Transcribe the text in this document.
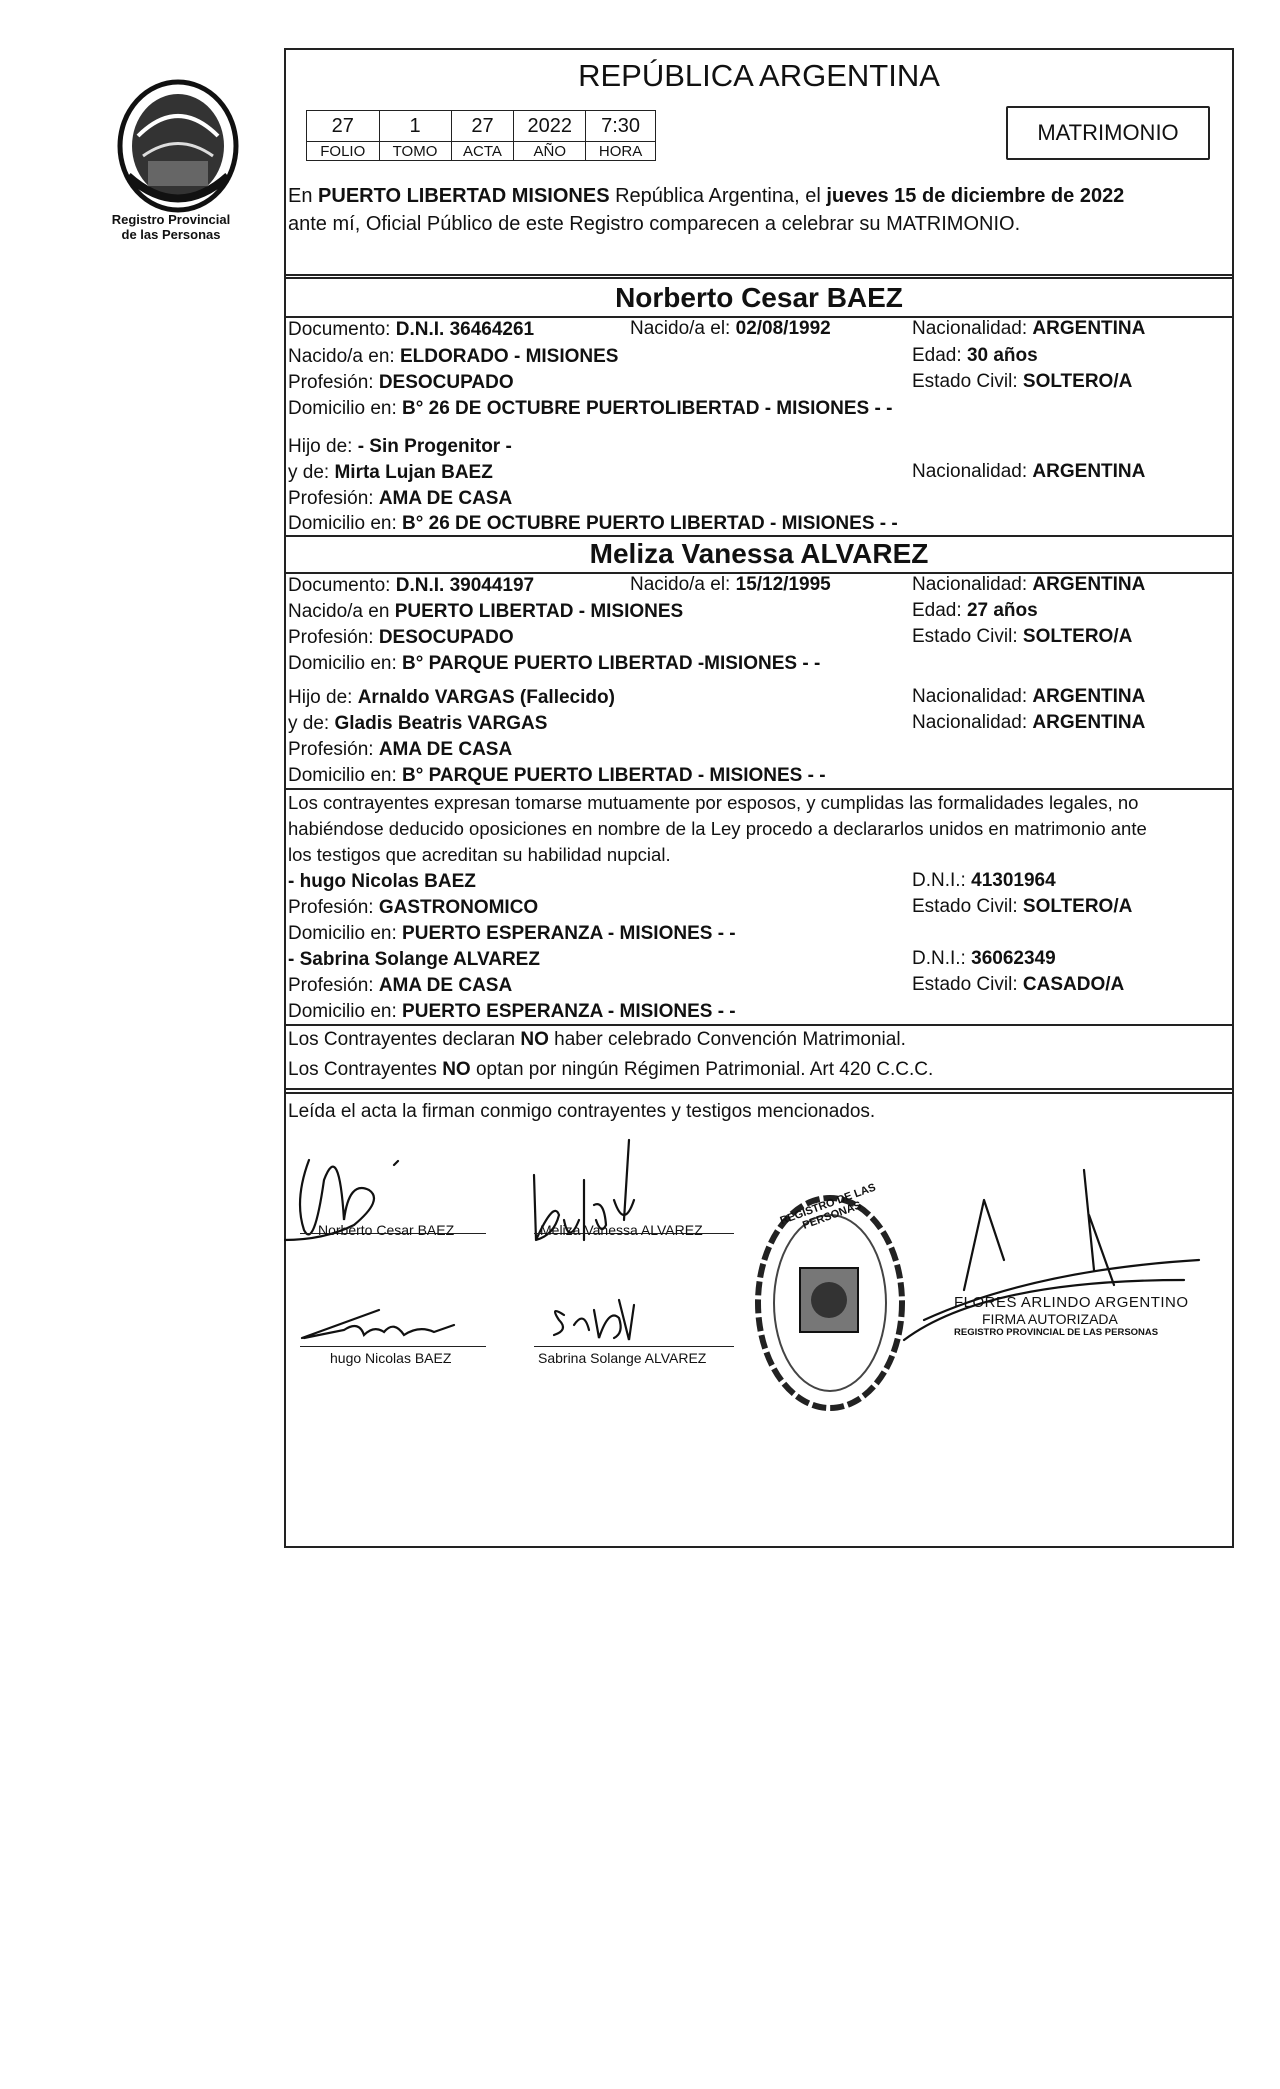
Registro Provincial
de las Personas
REPÚBLICA ARGENTINA
27	1	27	2022	7:30
FOLIO	TOMO	ACTA	AÑO	HORA
MATRIMONIO
En PUERTO LIBERTAD MISIONES República Argentina, el jueves 15 de diciembre de 2022
ante mí, Oficial Público de este Registro comparecen a celebrar su MATRIMONIO.
Norberto Cesar BAEZ
Documento: D.N.I. 36464261	Nacido/a el: 02/08/1992	Nacionalidad: ARGENTINA
Nacido/a en: ELDORADO - MISIONES	Edad: 30 años
Profesión: DESOCUPADO	Estado Civil: SOLTERO/A
Domicilio en: B° 26 DE OCTUBRE PUERTOLIBERTAD - MISIONES - -
Hijo de: - Sin Progenitor -
y de: Mirta Lujan BAEZ	Nacionalidad: ARGENTINA
Profesión: AMA DE CASA
Domicilio en: B° 26 DE OCTUBRE PUERTO LIBERTAD - MISIONES - -
Meliza Vanessa ALVAREZ
Documento: D.N.I. 39044197	Nacido/a el: 15/12/1995	Nacionalidad: ARGENTINA
Nacido/a en PUERTO LIBERTAD - MISIONES	Edad: 27 años
Profesión: DESOCUPADO	Estado Civil: SOLTERO/A
Domicilio en: B° PARQUE PUERTO LIBERTAD -MISIONES - -
Hijo de: Arnaldo VARGAS (Fallecido)	Nacionalidad: ARGENTINA
y de: Gladis Beatris VARGAS	Nacionalidad: ARGENTINA
Profesión: AMA DE CASA
Domicilio en: B° PARQUE PUERTO LIBERTAD - MISIONES - -
Los contrayentes expresan tomarse mutuamente por esposos, y cumplidas las formalidades legales, no
habiéndose deducido oposiciones en nombre de la Ley procedo a declararlos unidos en matrimonio ante
los testigos que acreditan su habilidad nupcial.
- hugo Nicolas BAEZ	D.N.I.: 41301964
Profesión: GASTRONOMICO	Estado Civil: SOLTERO/A
Domicilio en: PUERTO ESPERANZA - MISIONES - -
- Sabrina Solange ALVAREZ	D.N.I.: 36062349
Profesión: AMA DE CASA	Estado Civil: CASADO/A
Domicilio en: PUERTO ESPERANZA - MISIONES - -
Los Contrayentes declaran NO haber celebrado Convención Matrimonial.
Los Contrayentes NO optan por ningún Régimen Patrimonial. Art 420 C.C.C.
Leída el acta la firman conmigo contrayentes y testigos mencionados.
Norberto Cesar BAEZ	Meliza Vanessa ALVAREZ
hugo Nicolas BAEZ	Sabrina Solange ALVAREZ
REGISTRO DE LAS PERSONAS
FLORES ARLINDO ARGENTINO
FIRMA AUTORIZADA
REGISTRO PROVINCIAL DE LAS PERSONAS
